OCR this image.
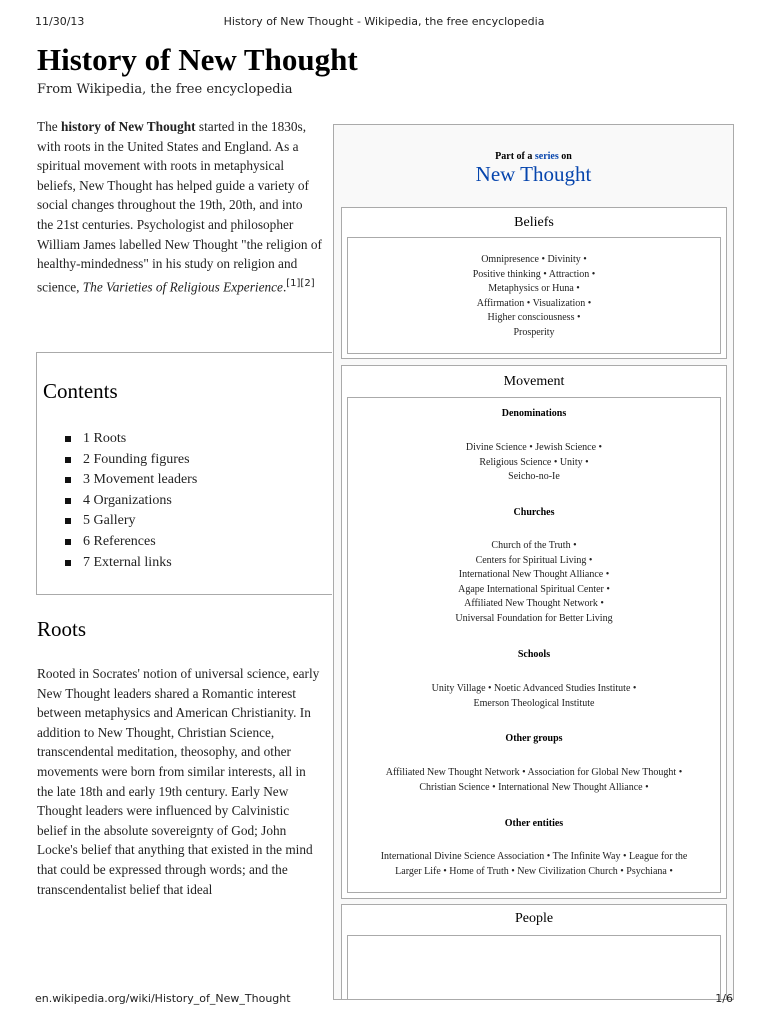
11/30/13	History of New Thought - Wikipedia, the free encyclopedia
History of New Thought
From Wikipedia, the free encyclopedia

The history of New Thought started in the 1830s, with roots in the United States and England. As a spiritual movement with roots in metaphysical beliefs, New Thought has helped guide a variety of social changes throughout the 19th, 20th, and into the 21st centuries. Psychologist and philosopher William James labelled New Thought "the religion of healthy-mindedness" in his study on religion and science, The Varieties of Religious Experience.[1][2]

Contents
1 Roots
2 Founding figures
3 Movement leaders
4 Organizations
5 Gallery
6 References
7 External links
Roots

Rooted in Socrates' notion of universal science, early New Thought leaders shared a Romantic interest between metaphysics and American Christianity. In addition to New Thought, Christian Science, transcendental meditation, theosophy, and other movements were born from similar interests, all in the late 18th and early 19th century. Early New Thought leaders were influenced by Calvinistic belief in the absolute sovereignty of God; John Locke's belief that anything that existed in the mind that could be expressed through words; and the transcendentalist belief that ideal

Part of a series on
New Thought
Beliefs
Omnipresence • Divinity •
Positive thinking • Attraction •
Metaphysics or Huna •
Affirmation • Visualization •
Higher consciousness •
Prosperity
Movement
Denominations
Divine Science • Jewish Science •
Religious Science • Unity •
Seicho-no-Ie
Churches
Church of the Truth •
Centers for Spiritual Living •
International New Thought Alliance •
Agape International Spiritual Center •
Affiliated New Thought Network •
Universal Foundation for Better Living
Schools
Unity Village • Noetic Advanced Studies Institute •
Emerson Theological Institute
Other groups
Affiliated New Thought Network • Association for Global New Thought •
Christian Science • International New Thought Alliance •
Other entities
International Divine Science Association • The Infinite Way • League for the
Larger Life • Home of Truth • New Civilization Church • Psychiana •
People
en.wikipedia.org/wiki/History_of_New_Thought	1/6
